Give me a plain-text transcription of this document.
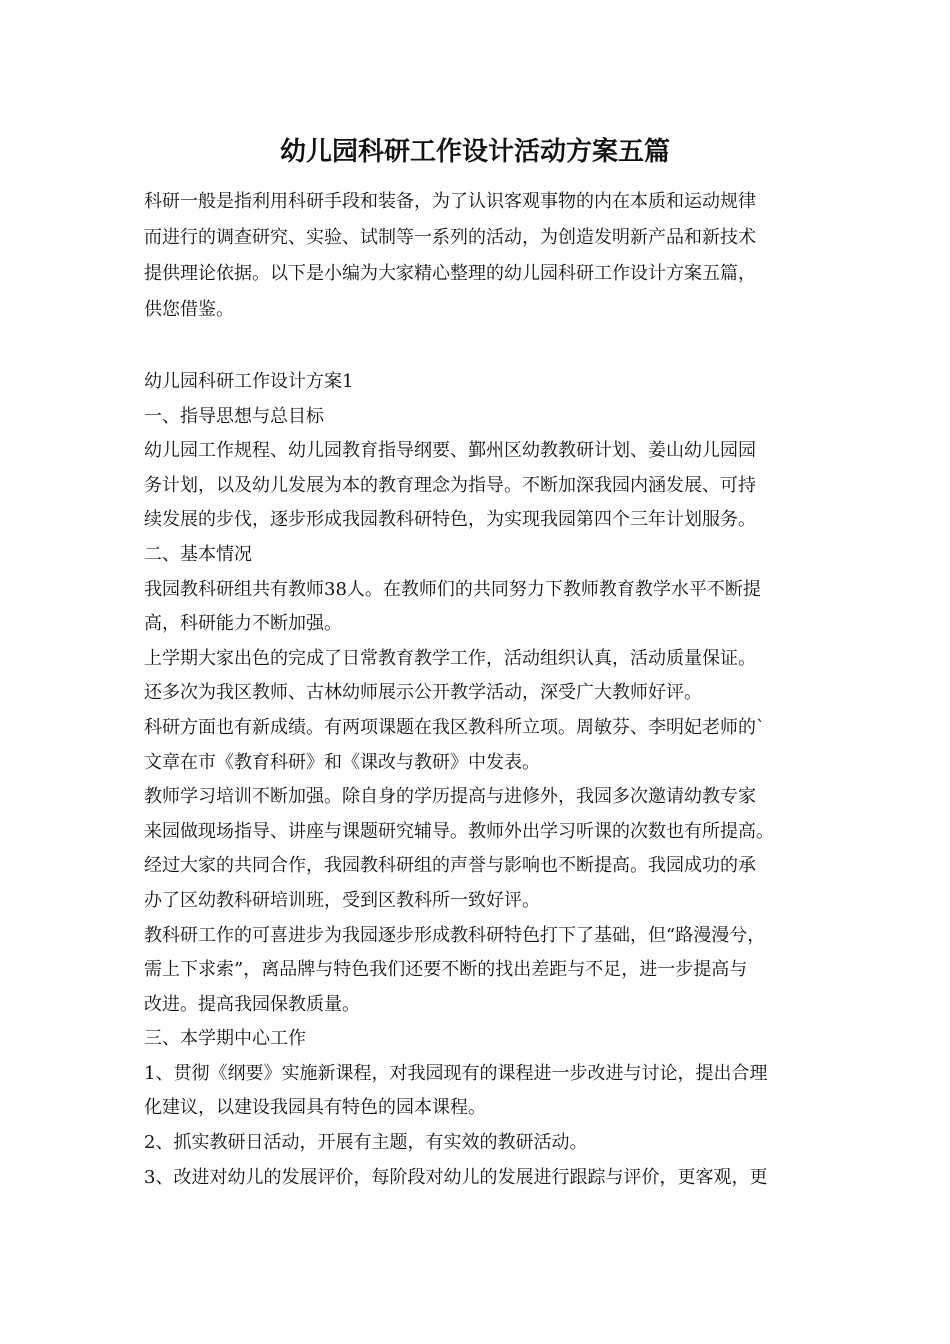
幼儿园科研工作设计活动方案五篇

科研一般是指利用科研手段和装备，为了认识客观事物的内在本质和运动规律

而进行的调查研究、实验、试制等一系列的活动，为创造发明新产品和新技术

提供理论依据。以下是小编为大家精心整理的幼儿园科研工作设计方案五篇，

供您借鉴。

幼儿园科研工作设计方案1

一、指导思想与总目标

幼儿园工作规程、幼儿园教育指导纲要、鄞州区幼教教研计划、姜山幼儿园园

务计划，以及幼儿发展为本的教育理念为指导。不断加深我园内涵发展、可持

续发展的步伐，逐步形成我园教科研特色，为实现我园第四个三年计划服务。

二、基本情况

我园教科研组共有教师38人。在教师们的共同努力下教师教育教学水平不断提

高，科研能力不断加强。

上学期大家出色的完成了日常教育教学工作，活动组织认真，活动质量保证。

还多次为我区教师、古林幼师展示公开教学活动，深受广大教师好评。

科研方面也有新成绩。有两项课题在我区教科所立项。周敏芬、李明妃老师的`

文章在市《教育科研》和《课改与教研》中发表。

教师学习培训不断加强。除自身的学历提高与进修外，我园多次邀请幼教专家

来园做现场指导、讲座与课题研究辅导。教师外出学习听课的次数也有所提高。

经过大家的共同合作，我园教科研组的声誉与影响也不断提高。我园成功的承

办了区幼教科研培训班，受到区教科所一致好评。

教科研工作的可喜进步为我园逐步形成教科研特色打下了基础，但“路漫漫兮，

需上下求索”，离品牌与特色我们还要不断的找出差距与不足，进一步提高与

改进。提高我园保教质量。

三、本学期中心工作

1、贯彻《纲要》实施新课程，对我园现有的课程进一步改进与讨论，提出合理

化建议，以建设我园具有特色的园本课程。

2、抓实教研日活动，开展有主题，有实效的教研活动。

3、改进对幼儿的发展评价，每阶段对幼儿的发展进行跟踪与评价，更客观，更
